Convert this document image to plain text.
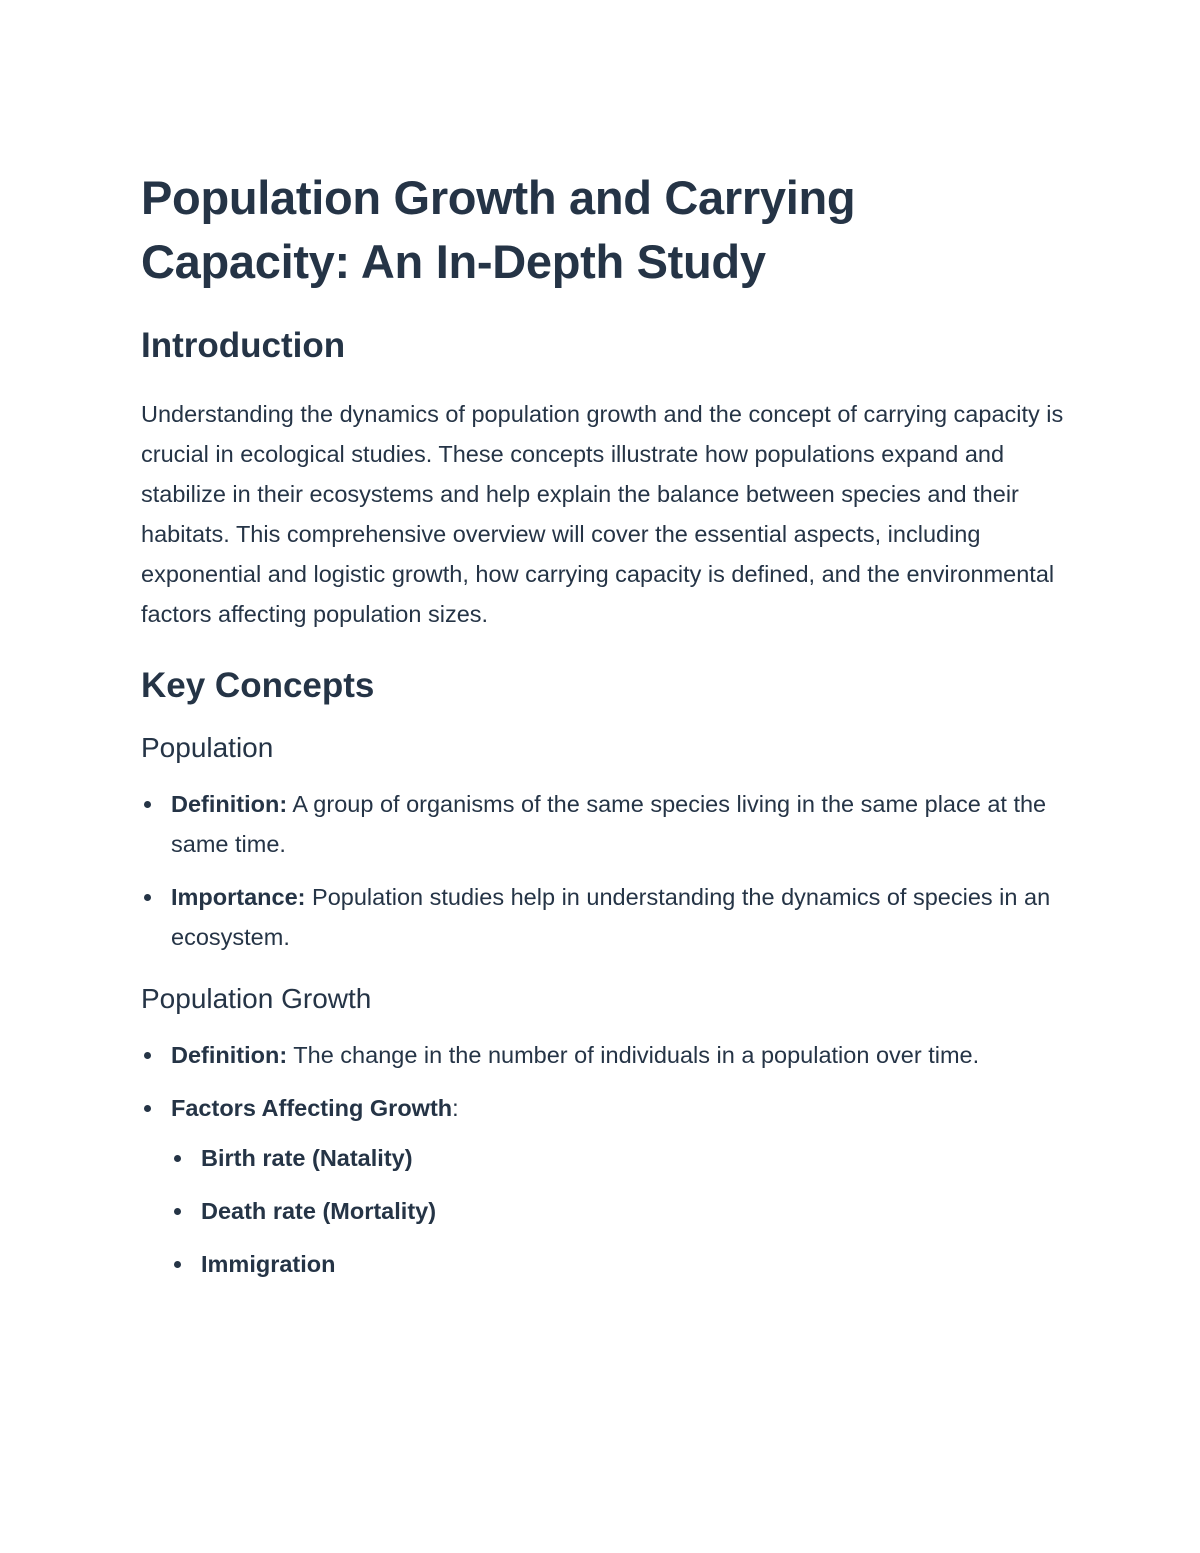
Population Growth and Carrying Capacity: An In-Depth Study
Introduction

Understanding the dynamics of population growth and the concept of carrying capacity is crucial in ecological studies. These concepts illustrate how populations expand and stabilize in their ecosystems and help explain the balance between species and their habitats. This comprehensive overview will cover the essential aspects, including exponential and logistic growth, how carrying capacity is defined, and the environmental factors affecting population sizes.

Key Concepts
Population
Definition: A group of organisms of the same species living in the same place at the same time.
Importance: Population studies help in understanding the dynamics of species in an ecosystem.
Population Growth
Definition: The change in the number of individuals in a population over time.
Factors Affecting Growth:
Birth rate (Natality)
Death rate (Mortality)
Immigration
